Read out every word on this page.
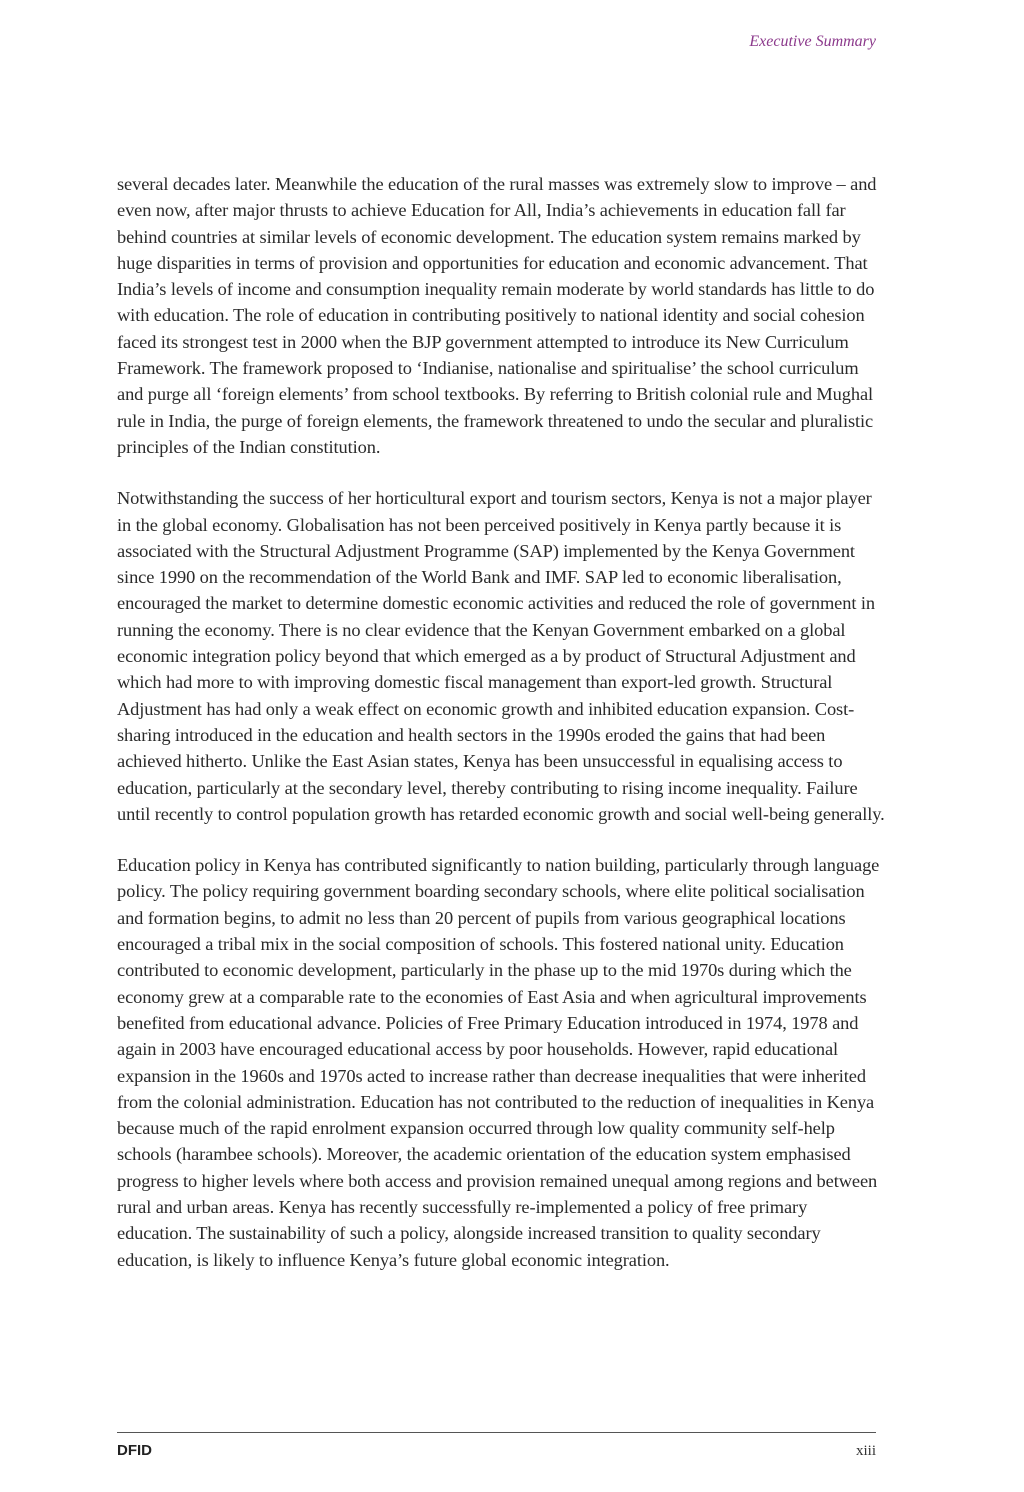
Executive Summary

several decades later. Meanwhile the education of the rural masses was extremely slow to improve – and even now, after major thrusts to achieve Education for All, India’s achievements in education fall far behind countries at similar levels of economic development. The education system remains marked by huge disparities in terms of provision and opportunities for education and economic advancement. That India’s levels of income and consumption inequality remain moderate by world standards has little to do with education. The role of education in contributing positively to national identity and social cohesion faced its strongest test in 2000 when the BJP government attempted to introduce its New Curriculum Framework. The framework proposed to ‘Indianise, nationalise and spiritualise’ the school curriculum and purge all ‘foreign elements’ from school textbooks. By referring to British colonial rule and Mughal rule in India, the purge of foreign elements, the framework threatened to undo the secular and pluralistic principles of the Indian constitution.

Notwithstanding the success of her horticultural export and tourism sectors, Kenya is not a major player in the global economy. Globalisation has not been perceived positively in Kenya partly because it is associated with the Structural Adjustment Programme (SAP) implemented by the Kenya Government since 1990 on the recommendation of the World Bank and IMF. SAP led to economic liberalisation, encouraged the market to determine domestic economic activities and reduced the role of government in running the economy. There is no clear evidence that the Kenyan Government embarked on a global economic integration policy beyond that which emerged as a by product of Structural Adjustment and which had more to with improving domestic fiscal management than export-led growth. Structural Adjustment has had only a weak effect on economic growth and inhibited education expansion. Cost-sharing introduced in the education and health sectors in the 1990s eroded the gains that had been achieved hitherto. Unlike the East Asian states, Kenya has been unsuccessful in equalising access to education, particularly at the secondary level, thereby contributing to rising income inequality. Failure until recently to control population growth has retarded economic growth and social well-being generally.

Education policy in Kenya has contributed significantly to nation building, particularly through language policy. The policy requiring government boarding secondary schools, where elite political socialisation and formation begins, to admit no less than 20 percent of pupils from various geographical locations encouraged a tribal mix in the social composition of schools. This fostered national unity. Education contributed to economic development, particularly in the phase up to the mid 1970s during which the economy grew at a comparable rate to the economies of East Asia and when agricultural improvements benefited from educational advance. Policies of Free Primary Education introduced in 1974, 1978 and again in 2003 have encouraged educational access by poor households. However, rapid educational expansion in the 1960s and 1970s acted to increase rather than decrease inequalities that were inherited from the colonial administration. Education has not contributed to the reduction of inequalities in Kenya because much of the rapid enrolment expansion occurred through low quality community self-help schools (harambee schools). Moreover, the academic orientation of the education system emphasised progress to higher levels where both access and provision remained unequal among regions and between rural and urban areas. Kenya has recently successfully re-implemented a policy of free primary education. The sustainability of such a policy, alongside increased transition to quality secondary education, is likely to influence Kenya’s future global economic integration.

DFID	xiii
